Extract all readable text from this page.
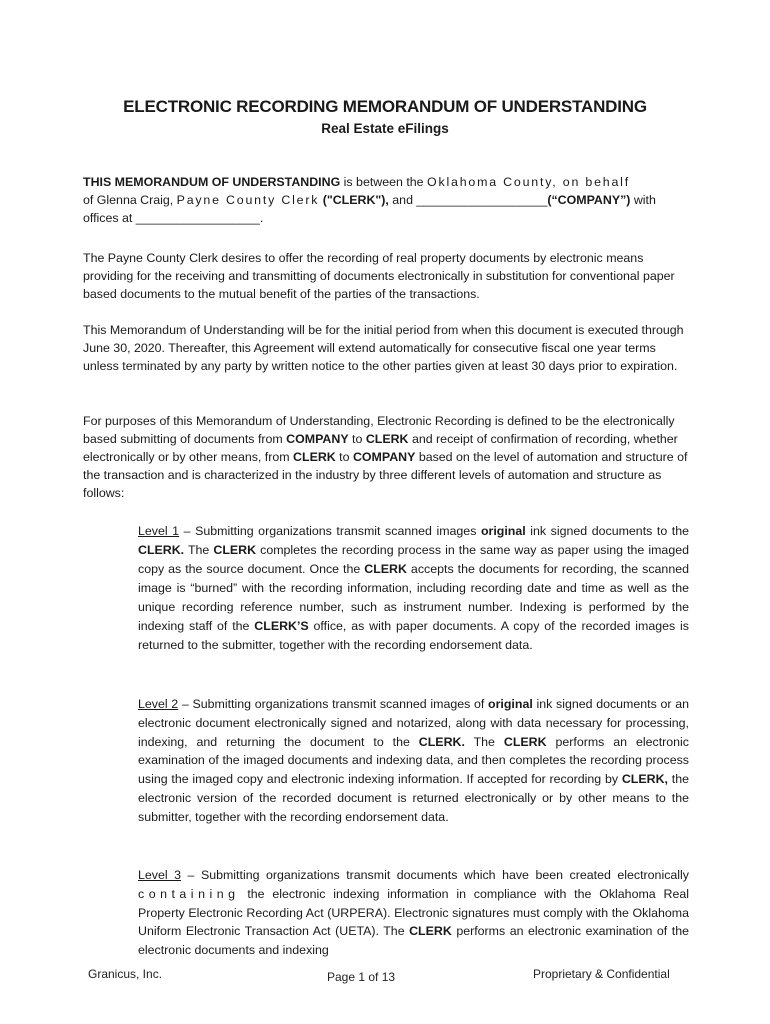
ELECTRONIC RECORDING MEMORANDUM OF UNDERSTANDING
Real Estate eFilings
THIS MEMORANDUM OF UNDERSTANDING is between the Oklahoma County, on behalf
of Glenna Craig, Payne County Clerk ("CLERK"), and ___________________(“COMPANY”) with
offices at __________________.
The Payne County Clerk desires to offer the recording of real property documents by electronic means providing for the receiving and transmitting of documents electronically in substitution for conventional paper based documents to the mutual benefit of the parties of the transactions.
This Memorandum of Understanding will be for the initial period from when this document is executed through June 30, 2020. Thereafter, this Agreement will extend automatically for consecutive fiscal one year terms unless terminated by any party by written notice to the other parties given at least 30 days prior to expiration.
For purposes of this Memorandum of Understanding, Electronic Recording is defined to be the electronically based submitting of documents from COMPANY to CLERK and receipt of confirmation of recording, whether electronically or by other means, from CLERK to COMPANY based on the level of automation and structure of the transaction and is characterized in the industry by three different levels of automation and structure as follows:
Level 1 – Submitting organizations transmit scanned images original ink signed documents to the CLERK. The CLERK completes the recording process in the same way as paper using the imaged copy as the source document. Once the CLERK accepts the documents for recording, the scanned image is “burned” with the recording information, including recording date and time as well as the unique recording reference number, such as instrument number. Indexing is performed by the indexing staff of the CLERK’S office, as with paper documents. A copy of the recorded images is returned to the submitter, together with the recording endorsement data.
Level 2 – Submitting organizations transmit scanned images of original ink signed documents or an electronic document electronically signed and notarized, along with data necessary for processing, indexing, and returning the document to the CLERK. The CLERK performs an electronic examination of the imaged documents and indexing data, and then completes the recording process using the imaged copy and electronic indexing information. If accepted for recording by CLERK, the electronic version of the recorded document is returned electronically or by other means to the submitter, together with the recording endorsement data.
Level 3 – Submitting organizations transmit documents which have been created electronically containing the electronic indexing information in compliance with the Oklahoma Real Property Electronic Recording Act (URPERA). Electronic signatures must comply with the Oklahoma Uniform Electronic Transaction Act (UETA). The CLERK performs an electronic examination of the electronic documents and indexing
Granicus, Inc.	Page 1 of 13	Proprietary & Confidential
